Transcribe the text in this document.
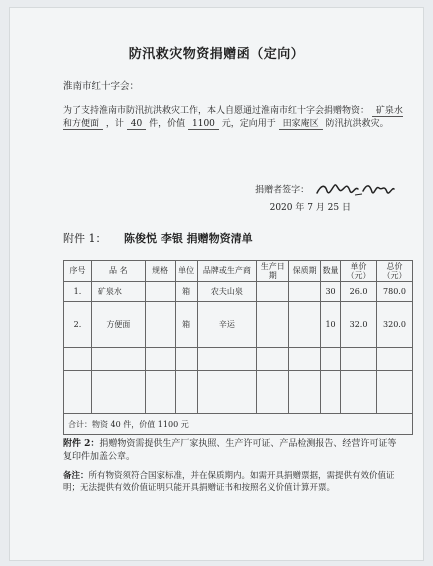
防汛救灾物资捐赠函（定向）
淮南市红十字会：
为了支持淮南市防汛抗洪救灾工作，本人自愿通过淮南市红十字会捐赠物资： 矿泉水和方便面 ，计 40 件，价值 1100 元，定向用于 田家庵区 防汛抗洪救灾。
捐赠者签字：
2020 年 7 月 25 日
附件 1： 陈俊悦 李银 捐赠物资清单
序号	品 名	规格	单位	品牌或生产商	生产日期	保质期	数量	单价（元）	总价（元）
1.	矿泉水		箱	农夫山泉			30	26.0	780.0
2.	方便面		箱	辛运			10	32.0	320.0

合计：物资 40 件，价值 1100 元									
附件 2：捐赠物资需提供生产厂家执照、生产许可证、产品检测报告、经营许可证等复印件加盖公章。
备注：所有物资须符合国家标准，并在保质期内。如需开具捐赠票据，需提供有效价值证明；无法提供有效价值证明只能开具捐赠证书和按照名义价值计算开票。
